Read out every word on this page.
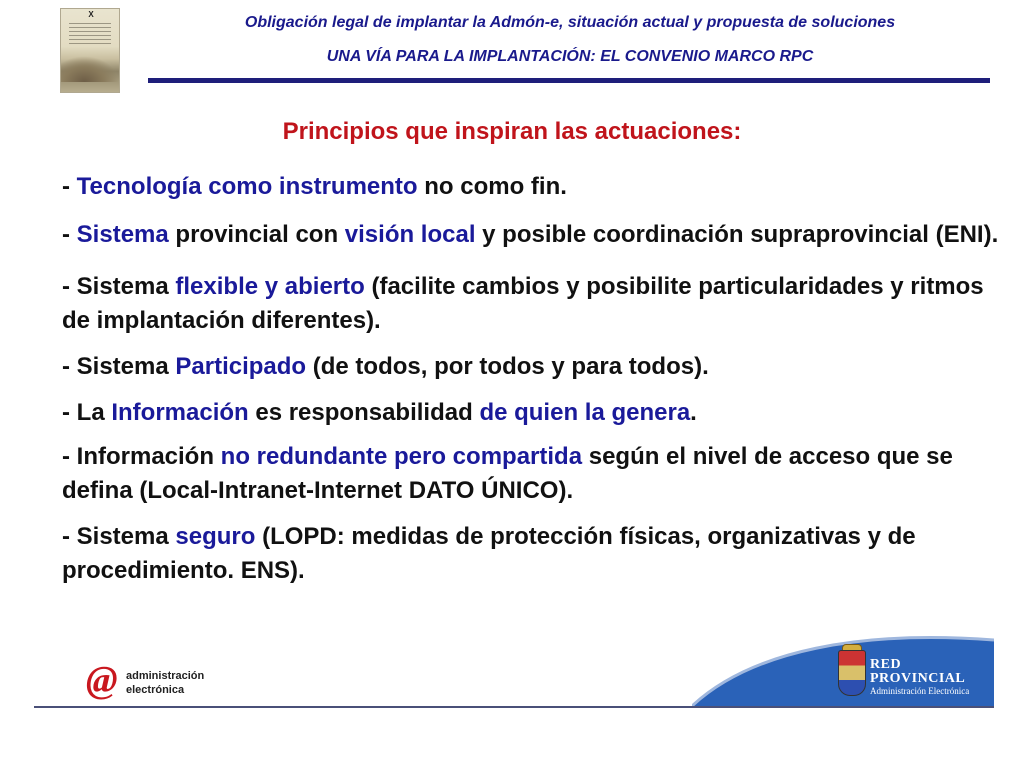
X	Obligación legal de implantar la Admón-e, situación actual y propuesta de soluciones
UNA VÍA PARA LA IMPLANTACIÓN: EL CONVENIO MARCO RPC
Principios que inspiran las actuaciones:
- Tecnología como instrumento no como fin.
- Sistema provincial con visión local y posible coordinación supraprovincial (ENI).
- Sistema flexible y abierto (facilite cambios y posibilite particularidades y ritmos de implantación diferentes).
- Sistema Participado (de todos, por todos y para todos).
- La Información es responsabilidad de quien la genera.
- Información no redundante pero compartida según el nivel de acceso que se defina (Local-Intranet-Internet DATO ÚNICO).
- Sistema seguro (LOPD: medidas de protección físicas, organizativas y de procedimiento. ENS).
@ administración
electrónica
RED
PROVINCIAL
Administración Electrónica
